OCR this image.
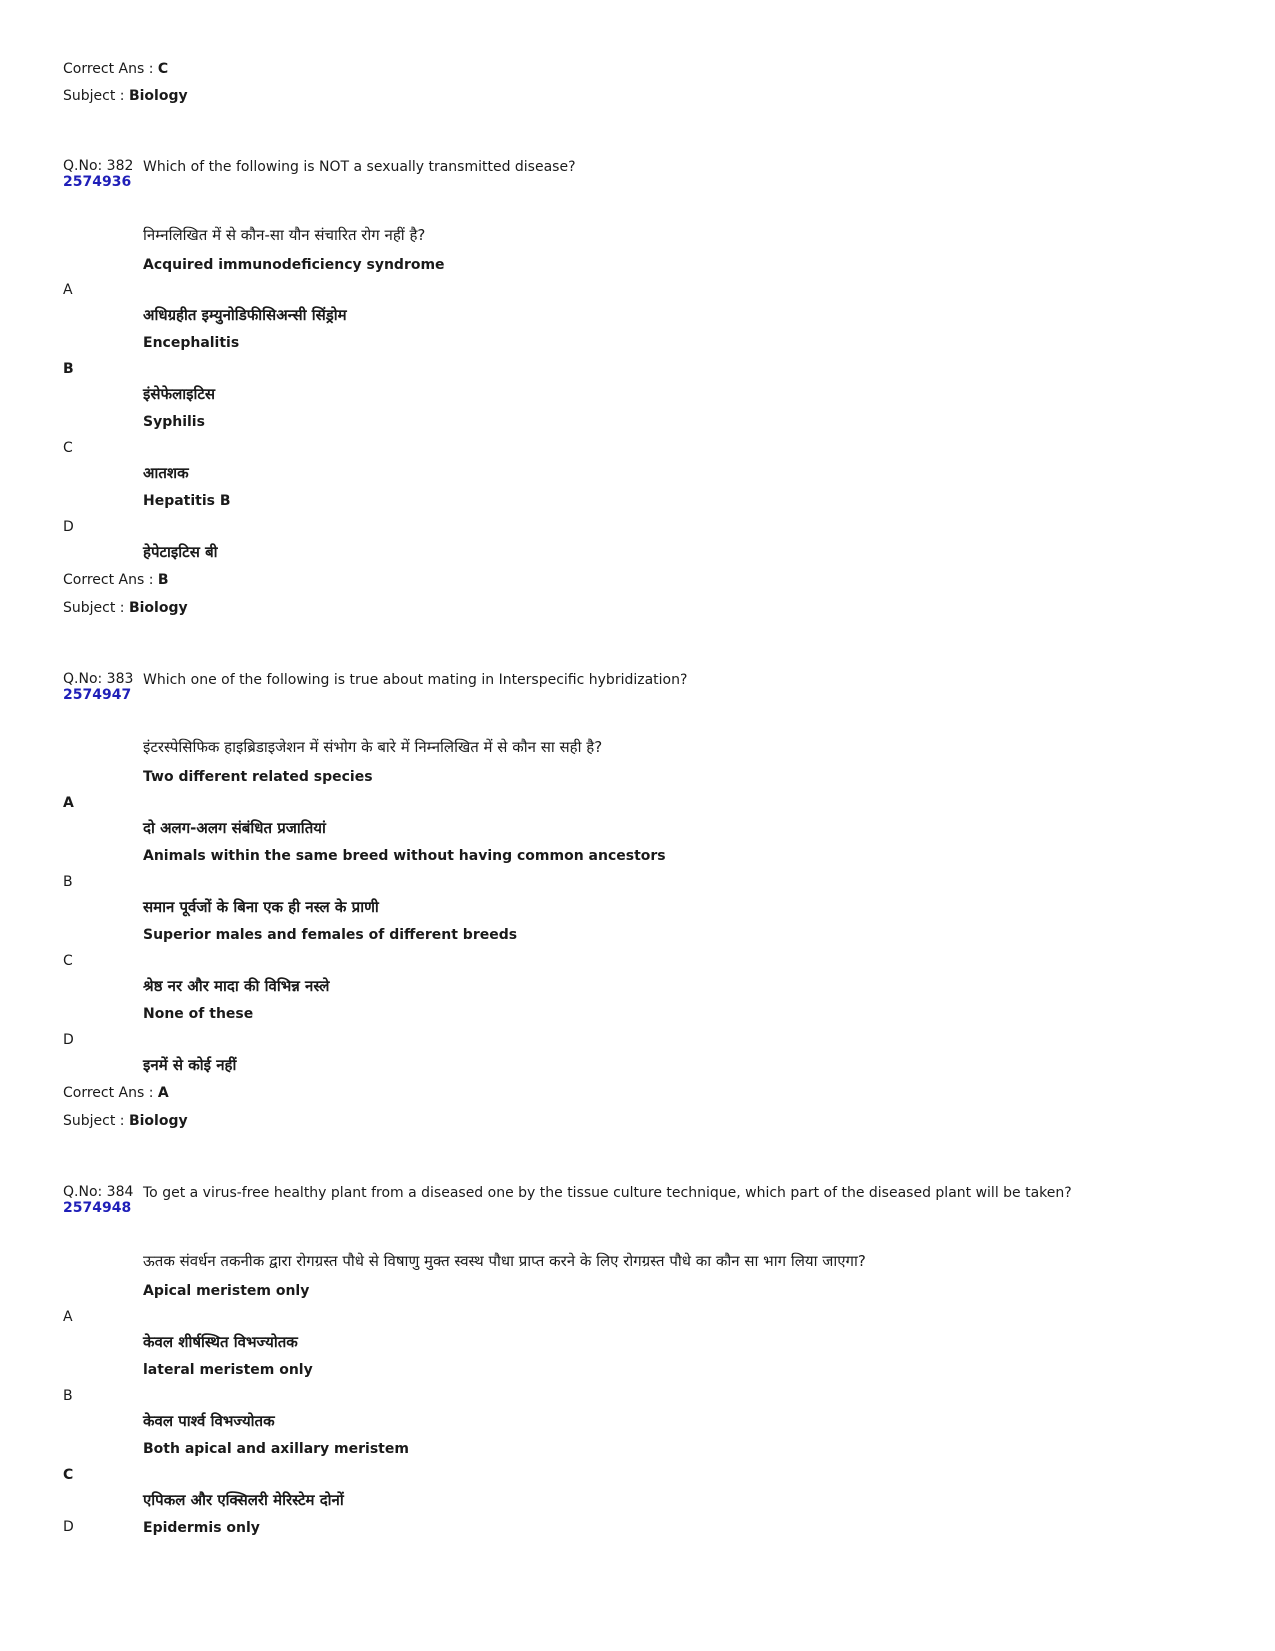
Correct Ans : C
Subject : Biology
Q.No: 382
2574936
Which of the following is NOT a sexually transmitted disease?
निम्नलिखित में से कौन-सा यौन संचारित रोग नहीं है?
Acquired immunodeficiency syndrome
A
अधिग्रहीत इम्युनोडिफीसिअन्सी सिंड्रोम
Encephalitis
B
इंसेफेलाइटिस
Syphilis
C
आतशक
Hepatitis B
D
हेपेटाइटिस बी
Correct Ans : B
Subject : Biology
Q.No: 383
2574947
Which one of the following is true about mating in Interspecific hybridization?
इंटरस्पेसिफिक हाइब्रिडाइजेशन में संभोग के बारे में निम्नलिखित में से कौन सा सही है?
Two different related species
A
दो अलग-अलग संबंधित प्रजातियां
Animals within the same breed without having common ancestors
B
समान पूर्वजों के बिना एक ही नस्ल के प्राणी
Superior males and females of different breeds
C
श्रेष्ठ नर और मादा की विभिन्न नस्ले
None of these
D
इनमें से कोई नहीं
Correct Ans : A
Subject : Biology
Q.No: 384
2574948
To get a virus-free healthy plant from a diseased one by the tissue culture technique, which part of the diseased plant will be taken?
ऊतक संवर्धन तकनीक द्वारा रोगग्रस्त पौधे से विषाणु मुक्त स्वस्थ पौधा प्राप्त करने के लिए रोगग्रस्त पौधे का कौन सा भाग लिया जाएगा?
Apical meristem only
A
केवल शीर्षस्थित विभज्योतक
lateral meristem only
B
केवल पार्श्व विभज्योतक
Both apical and axillary meristem
C
एपिकल और एक्सिलरी मेरिस्टेम दोनों
D	Epidermis only
